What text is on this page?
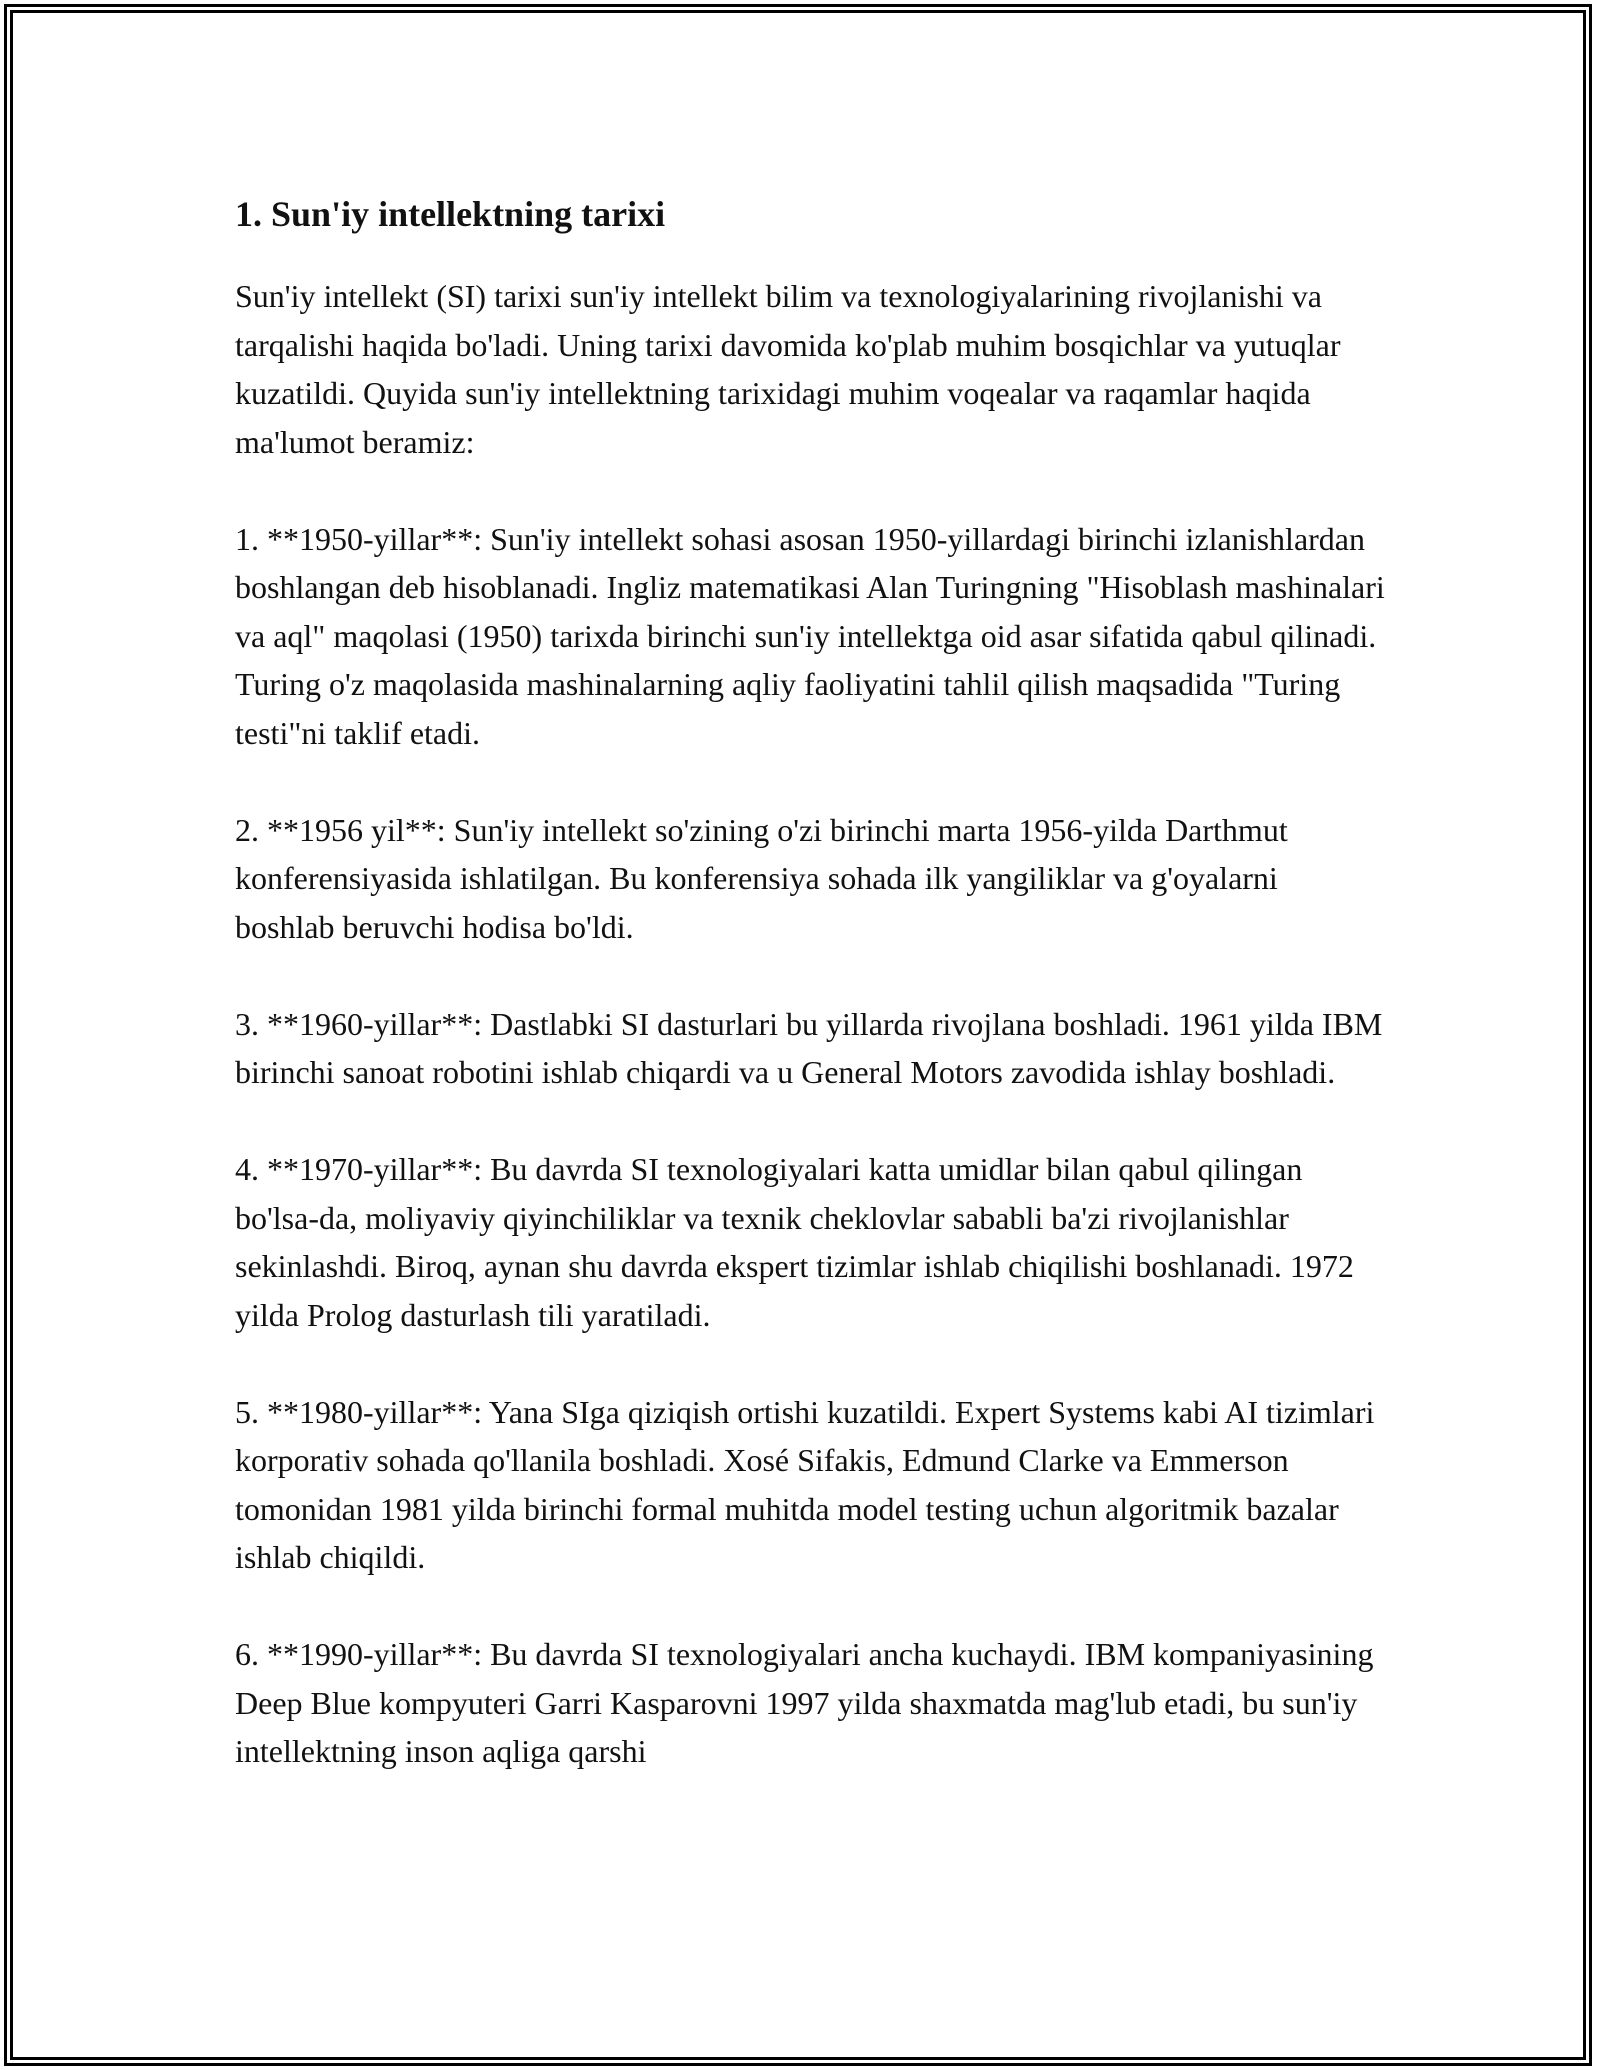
1. Sun'iy intellektning tarixi

Sun'iy intellekt (SI) tarixi sun'iy intellekt bilim va texnologiyalarining rivojlanishi va tarqalishi haqida bo'ladi. Uning tarixi davomida ko'plab muhim bosqichlar va yutuqlar kuzatildi. Quyida sun'iy intellektning tarixidagi muhim voqealar va raqamlar haqida ma'lumot beramiz:

1. **1950-yillar**: Sun'iy intellekt sohasi asosan 1950-yillardagi birinchi izlanishlardan boshlangan deb hisoblanadi. Ingliz matematikasi Alan Turingning "Hisoblash mashinalari va aql" maqolasi (1950) tarixda birinchi sun'iy intellektga oid asar sifatida qabul qilinadi. Turing o'z maqolasida mashinalarning aqliy faoliyatini tahlil qilish maqsadida "Turing testi"ni taklif etadi.

2. **1956 yil**: Sun'iy intellekt so'zining o'zi birinchi marta 1956-yilda Darthmut konferensiyasida ishlatilgan. Bu konferensiya sohada ilk yangiliklar va g'oyalarni boshlab beruvchi hodisa bo'ldi.

3. **1960-yillar**: Dastlabki SI dasturlari bu yillarda rivojlana boshladi. 1961 yilda IBM birinchi sanoat robotini ishlab chiqardi va u General Motors zavodida ishlay boshladi.

4. **1970-yillar**: Bu davrda SI texnologiyalari katta umidlar bilan qabul qilingan bo'lsa-da, moliyaviy qiyinchiliklar va texnik cheklovlar sababli ba'zi rivojlanishlar sekinlashdi. Biroq, aynan shu davrda ekspert tizimlar ishlab chiqilishi boshlanadi. 1972 yilda Prolog dasturlash tili yaratiladi.

5. **1980-yillar**: Yana SIga qiziqish ortishi kuzatildi. Expert Systems kabi AI tizimlari korporativ sohada qo'llanila boshladi. Xosé Sifakis, Edmund Clarke va Emmerson tomonidan 1981 yilda birinchi formal muhitda model testing uchun algoritmik bazalar ishlab chiqildi.

6. **1990-yillar**: Bu davrda SI texnologiyalari ancha kuchaydi. IBM kompaniyasining Deep Blue kompyuteri Garri Kasparovni 1997 yilda shaxmatda mag'lub etadi, bu sun'iy intellektning inson aqliga qarshi
